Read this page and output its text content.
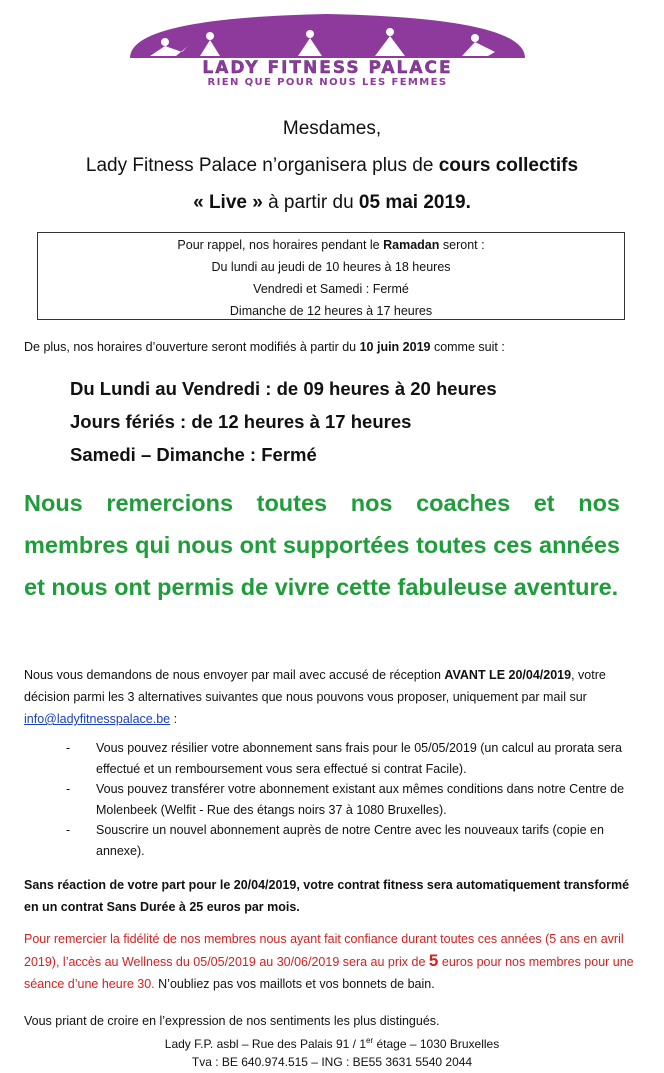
LADY FITNESS PALACE
RIEN QUE POUR NOUS LES FEMMES
Mesdames,
Lady Fitness Palace n’organisera plus de cours collectifs
« Live » à partir du 05 mai 2019.
Pour rappel, nos horaires pendant le Ramadan seront :
Du lundi au jeudi de 10 heures à 18 heures
Vendredi et Samedi : Fermé
Dimanche de 12 heures à 17 heures
De plus, nos horaires d’ouverture seront modifiés à partir du 10 juin 2019 comme suit :
Du Lundi au Vendredi : de 09 heures à 20 heures
Jours fériés : de 12 heures à 17 heures
Samedi – Dimanche : Fermé
Nous remercions toutes nos coaches et nos membres qui nous ont supportées toutes ces années et nous ont permis de vivre cette fabuleuse aventure.
Nous vous demandons de nous envoyer par mail avec accusé de réception AVANT LE 20/04/2019, votre décision parmi les 3 alternatives suivantes que nous pouvons vous proposer, uniquement par mail sur info@ladyfitnesspalace.be :
-	Vous pouvez résilier votre abonnement sans frais pour le 05/05/2019 (un calcul au prorata sera effectué et un remboursement vous sera effectué si contrat Facile).
-	Vous pouvez transférer votre abonnement existant aux mêmes conditions dans notre Centre de Molenbeek (Welfit - Rue des étangs noirs 37 à 1080 Bruxelles).
-	Souscrire un nouvel abonnement auprès de notre Centre avec les nouveaux tarifs (copie en annexe).
Sans réaction de votre part pour le 20/04/2019, votre contrat fitness sera automatiquement transformé en un contrat Sans Durée à 25 euros par mois.
Pour remercier la fidélité de nos membres nous ayant fait confiance durant toutes ces années (5 ans en avril 2019), l’accès au Wellness du 05/05/2019 au 30/06/2019 sera au prix de 5 euros pour nos membres pour une séance d’une heure 30. N’oubliez pas vos maillots et vos bonnets de bain.
Vous priant de croire en l’expression de nos sentiments les plus distingués.
Lady F.P. asbl – Rue des Palais 91 / 1er étage – 1030 Bruxelles
Tva : BE 640.974.515 – ING : BE55 3631 5540 2044
